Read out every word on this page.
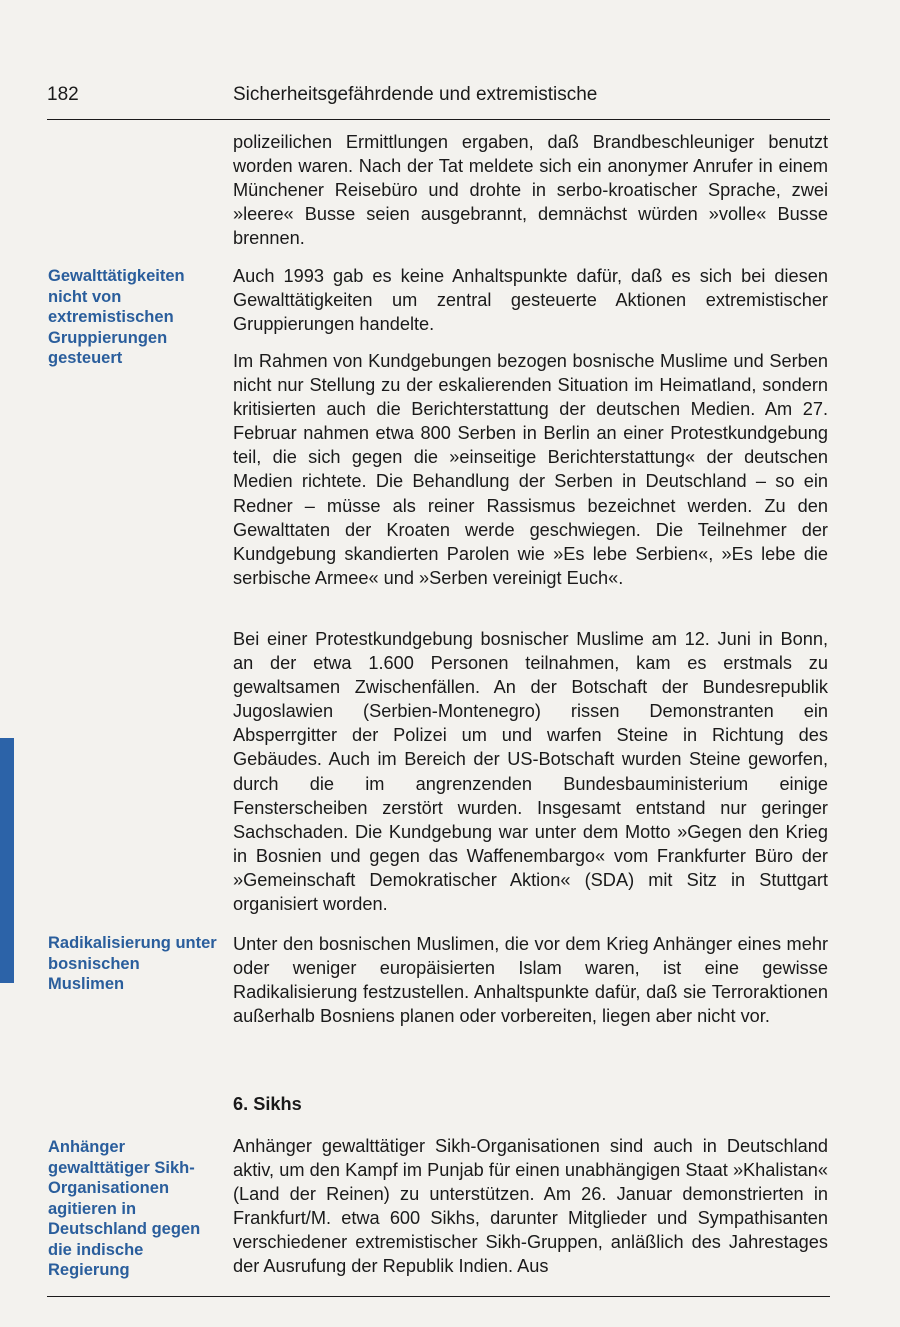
182	Sicherheitsgefährdende und extremistische
Gewalttätigkeiten nicht von extremistischen Gruppierungen gesteuert
Radikalisierung unter bosnischen Muslimen
Anhänger gewalttätiger Sikh-Organisationen agitieren in Deutschland gegen die indische Regierung

polizeilichen Ermittlungen ergaben, daß Brandbeschleuniger benutzt worden waren. Nach der Tat meldete sich ein anonymer Anrufer in einem Münchener Reisebüro und drohte in serbo-kroatischer Sprache, zwei »leere« Busse seien ausgebrannt, demnächst würden »volle« Busse brennen.

Auch 1993 gab es keine Anhaltspunkte dafür, daß es sich bei diesen Gewalttätigkeiten um zentral gesteuerte Aktionen extremistischer Gruppierungen handelte.

Im Rahmen von Kundgebungen bezogen bosnische Muslime und Serben nicht nur Stellung zu der eskalierenden Situation im Heimatland, sondern kritisierten auch die Berichterstattung der deutschen Medien. Am 27. Februar nahmen etwa 800 Serben in Berlin an einer Protestkundgebung teil, die sich gegen die »einseitige Berichterstattung« der deutschen Medien richtete. Die Behandlung der Serben in Deutschland – so ein Redner – müsse als reiner Rassismus bezeichnet werden. Zu den Gewalttaten der Kroaten werde geschwiegen. Die Teilnehmer der Kundgebung skandierten Parolen wie »Es lebe Serbien«, »Es lebe die serbische Armee« und »Serben vereinigt Euch«.

Bei einer Protestkundgebung bosnischer Muslime am 12. Juni in Bonn, an der etwa 1.600 Personen teilnahmen, kam es erstmals zu gewaltsamen Zwischenfällen. An der Botschaft der Bundesrepublik Jugoslawien (Serbien-Montenegro) rissen Demonstranten ein Absperrgitter der Polizei um und warfen Steine in Richtung des Gebäudes. Auch im Bereich der US-Botschaft wurden Steine geworfen, durch die im angrenzenden Bundesbauministerium einige Fensterscheiben zerstört wurden. Insgesamt entstand nur geringer Sachschaden. Die Kundgebung war unter dem Motto »Gegen den Krieg in Bosnien und gegen das Waffenembargo« vom Frankfurter Büro der »Gemeinschaft Demokratischer Aktion« (SDA) mit Sitz in Stuttgart organisiert worden.

Unter den bosnischen Muslimen, die vor dem Krieg Anhänger eines mehr oder weniger europäisierten Islam waren, ist eine gewisse Radikalisierung festzustellen. Anhaltspunkte dafür, daß sie Terroraktionen außerhalb Bosniens planen oder vorbereiten, liegen aber nicht vor.

6. Sikhs

Anhänger gewalttätiger Sikh-Organisationen sind auch in Deutschland aktiv, um den Kampf im Punjab für einen unabhängigen Staat »Khalistan« (Land der Reinen) zu unterstützen. Am 26. Januar demonstrierten in Frankfurt/M. etwa 600 Sikhs, darunter Mitglieder und Sympathisanten verschiedener extremistischer Sikh-Gruppen, anläßlich des Jahrestages der Ausrufung der Republik Indien. Aus
